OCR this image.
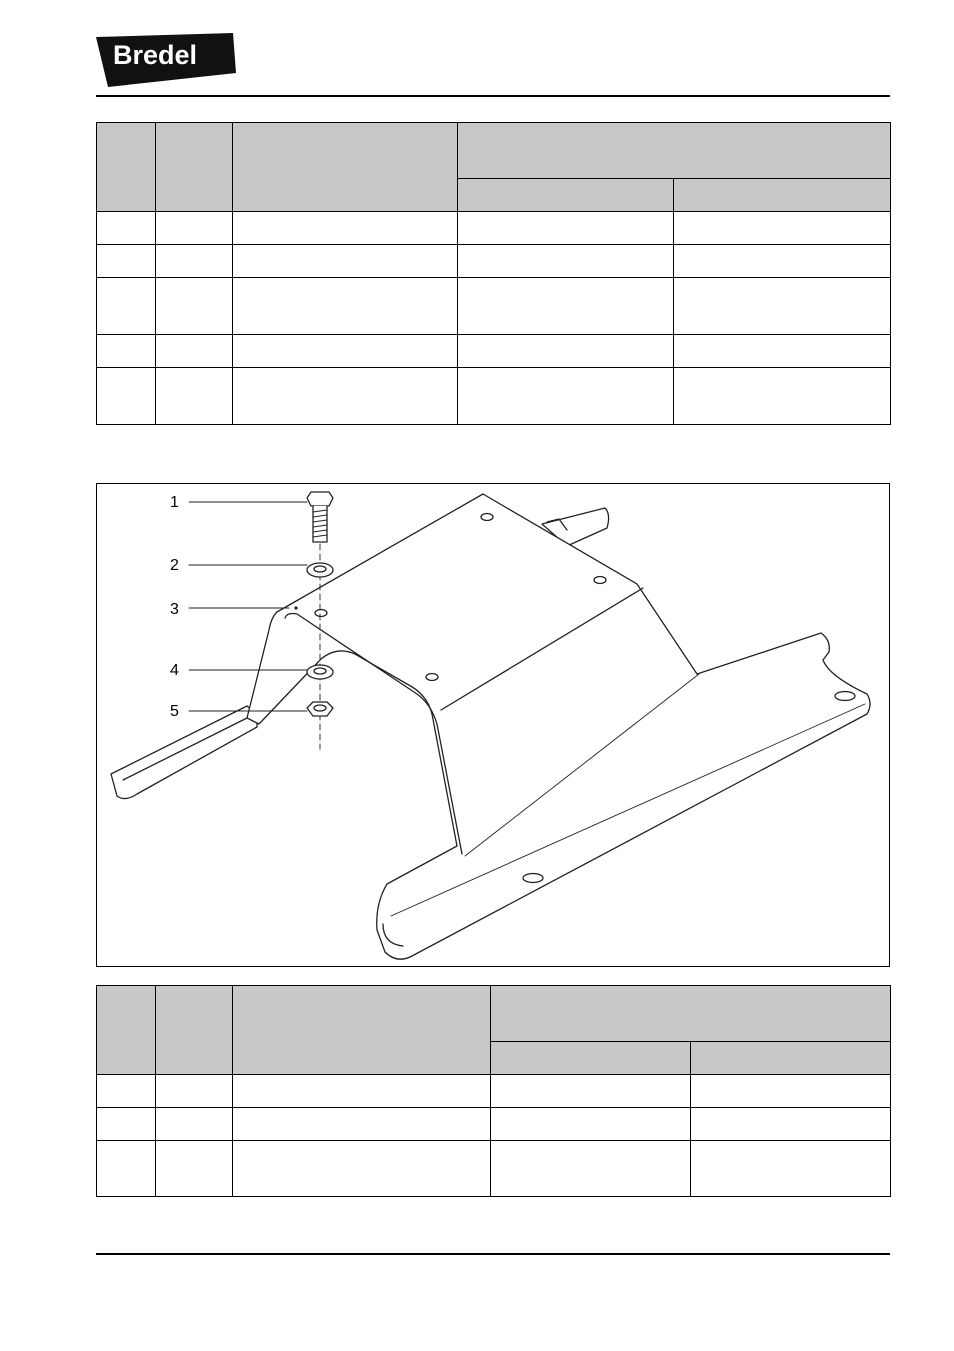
Bredel

1
2
3
4
5
